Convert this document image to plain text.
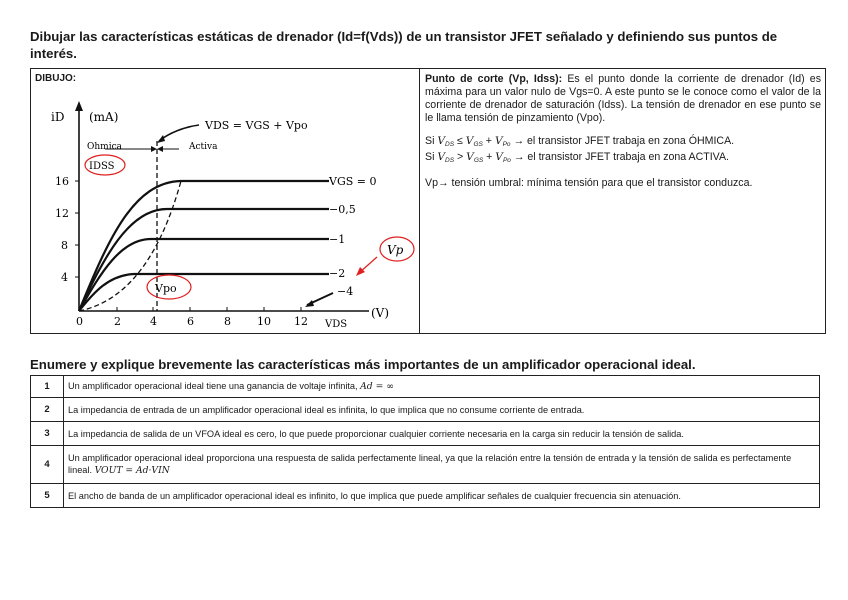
Dibujar las características estáticas de drenador (Id=f(Vds)) de un transistor JFET señalado y definiendo sus puntos de interés.
DIBUJO:
16
12
8
4
0	2	4	6	8 10 12
iD (mA)
VDS
(V)
VGS = 0
−0,5
−1
−2
−4
Ohmica	Activa
VDS = VGS + Vpo
IDSS
Vpo
Vp

Punto de corte (Vp, Idss): Es el punto donde la corriente de drenador (Id) es máxima para un valor nulo de Vgs=0. A este punto se le conoce como el valor de la corriente de drenador de saturación (Idss). La tensión de drenador en ese punto se le llama tensión de pinzamiento (Vpo).

Si $V_{DS} \le V_{GS} + V_{Po}$ → el transistor JFET trabaja en zona ÓHMICA.

Si $V_{DS} > V_{GS} + V_{Po}$ → el transistor JFET trabaja en zona ACTIVA.

Vp→ tensión umbral: mínima tensión para que el transistor conduzca.

Enumere y explique brevemente las características más importantes de un amplificador operacional ideal.
1	Un amplificador operacional ideal tiene una ganancia de voltaje infinita, Ad = ∞
2	La impedancia de entrada de un amplificador operacional ideal es infinita, lo que implica que no consume corriente de entrada.
3	La impedancia de salida de un VFOA ideal es cero, lo que puede proporcionar cualquier corriente necesaria en la carga sin reducir la tensión de salida.
4	Un amplificador operacional ideal proporciona una respuesta de salida perfectamente lineal, ya que la relación entre la tensión de entrada y la tensión de salida es perfectamente lineal. VOUT = Ad·VIN
5	El ancho de banda de un amplificador operacional ideal es infinito, lo que implica que puede amplificar señales de cualquier frecuencia sin atenuación.
